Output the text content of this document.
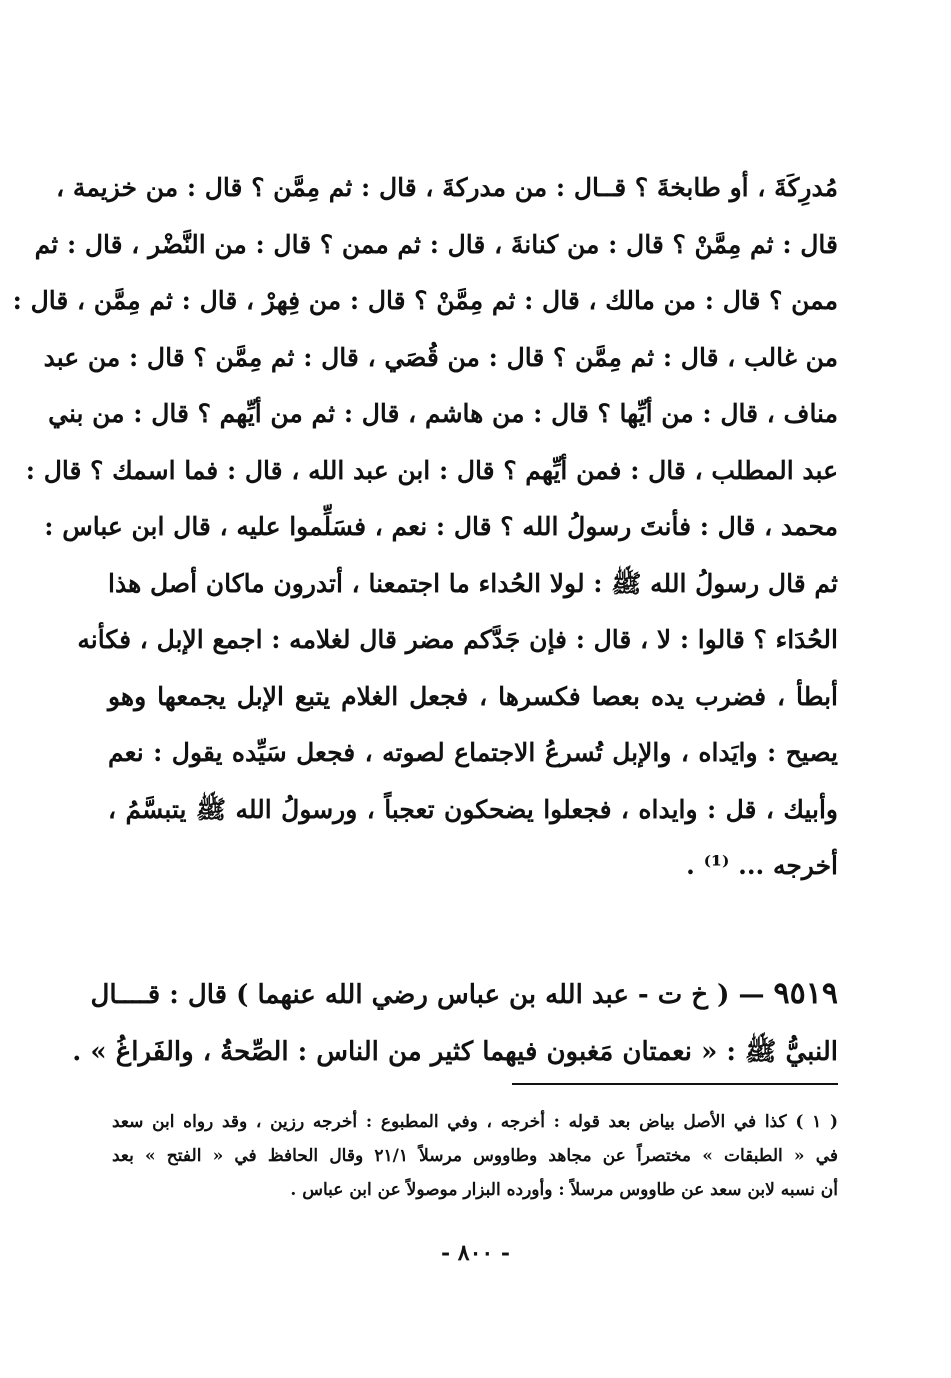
مُدرِكَةَ ، أو طابخةَ ؟ قــال : من مدركةَ ، قال : ثم مِمَّن ؟ قال : من خزيمة ،
قال : ثم مِمَّنْ ؟ قال : من كنانةَ ، قال : ثم ممن ؟ قال : من النَّضْر ، قال : ثم
ممن ؟ قال : من مالك ، قال : ثم مِمَّنْ ؟ قال : من فِهرْ ، قال : ثم مِمَّن ، قال :
من غالب ، قال : ثم مِمَّن ؟ قال : من قُصَي ، قال : ثم مِمَّن ؟ قال : من عبد
مناف ، قال : من أيِّها ؟ قال : من هاشم ، قال : ثم من أيِّهم ؟ قال : من بني
عبد المطلب ، قال : فمن أيِّهم ؟ قال : ابن عبد الله ، قال : فما اسمك ؟ قال :
محمد ، قال : فأنتَ رسولُ الله ؟ قال : نعم ، فسَلِّموا عليه ، قال ابن عباس :
ثم قال رسولُ الله ﷺ : لولا الحُداء ما اجتمعنا ، أتدرون ماكان أصل هذا
الحُدَاء ؟ قالوا : لا ، قال : فإن جَدَّكم مضر قال لغلامه : اجمع الإبل ، فكأنه
أبطأ ، فضرب يده بعصا فكسرها ، فجعل الغلام يتبع الإبل يجمعها وهو
يصيح : وايَداه ، والإبل تُسرعُ الاجتماع لصوته ، فجعل سَيِّده يقول : نعم
وأبيك ، قل : وايداه ، فجعلوا يضحكون تعجباً ، ورسولُ الله ﷺ يتبسَّمُ ،
أخرجه ... ⁽¹⁾ .
٩٥١٩ — ( خ ت - عبد الله بن عباس رضي الله عنهما ) قال : قــــال
النبيُّ ﷺ : « نعمتان مَغبون فيهما كثير من الناس : الصِّحةُ ، والفَراغُ » .
( ١ ) كذا في الأصل بياض بعد قوله : أخرجه ، وفي المطبوع : أخرجه رزين ، وقد رواه ابن سعد
في « الطبقات » مختصراً عن مجاهد وطاووس مرسلاً ٢١/١ وقال الحافظ في « الفتح » بعد
أن نسبه لابن سعد عن طاووس مرسلاً : وأورده البزار موصولاً عن ابن عباس .
- ٨٠٠ -
